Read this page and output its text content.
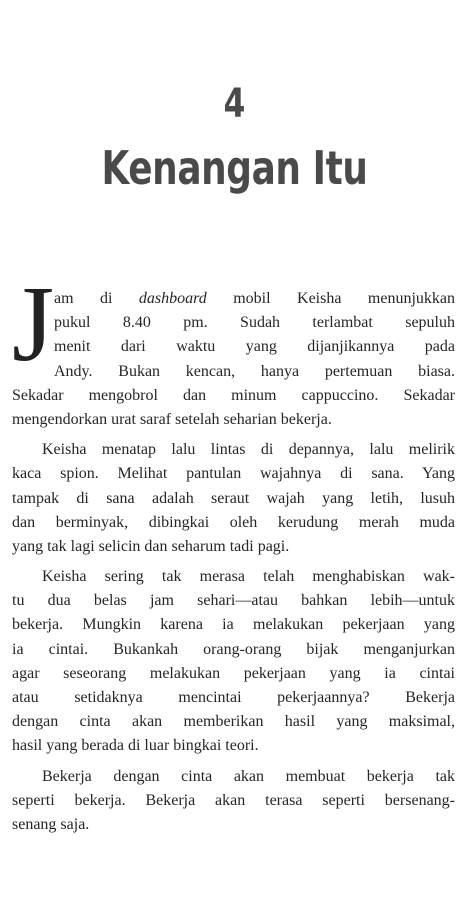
4
Kenangan Itu
J am di dashboard mobil Keisha menunjukkan
pukul 8.40 pm. Sudah terlambat sepuluh
menit dari waktu yang dijanjikannya pada
Andy. Bukan kencan, hanya pertemuan biasa.
Sekadar mengobrol dan minum cappuccino. Sekadar
mengendorkan urat saraf setelah seharian bekerja.
Keisha menatap lalu lintas di depannya, lalu melirik
kaca spion. Melihat pantulan wajahnya di sana. Yang
tampak di sana adalah seraut wajah yang letih, lusuh
dan berminyak, dibingkai oleh kerudung merah muda
yang tak lagi selicin dan seharum tadi pagi.
Keisha sering tak merasa telah menghabiskan wak-
tu dua belas jam sehari—atau bahkan lebih—untuk
bekerja. Mungkin karena ia melakukan pekerjaan yang
ia cintai. Bukankah orang-orang bijak menganjurkan
agar seseorang melakukan pekerjaan yang ia cintai
atau setidaknya mencintai pekerjaannya? Bekerja
dengan cinta akan memberikan hasil yang maksimal,
hasil yang berada di luar bingkai teori.
Bekerja dengan cinta akan membuat bekerja tak
seperti bekerja. Bekerja akan terasa seperti bersenang-
senang saja.
